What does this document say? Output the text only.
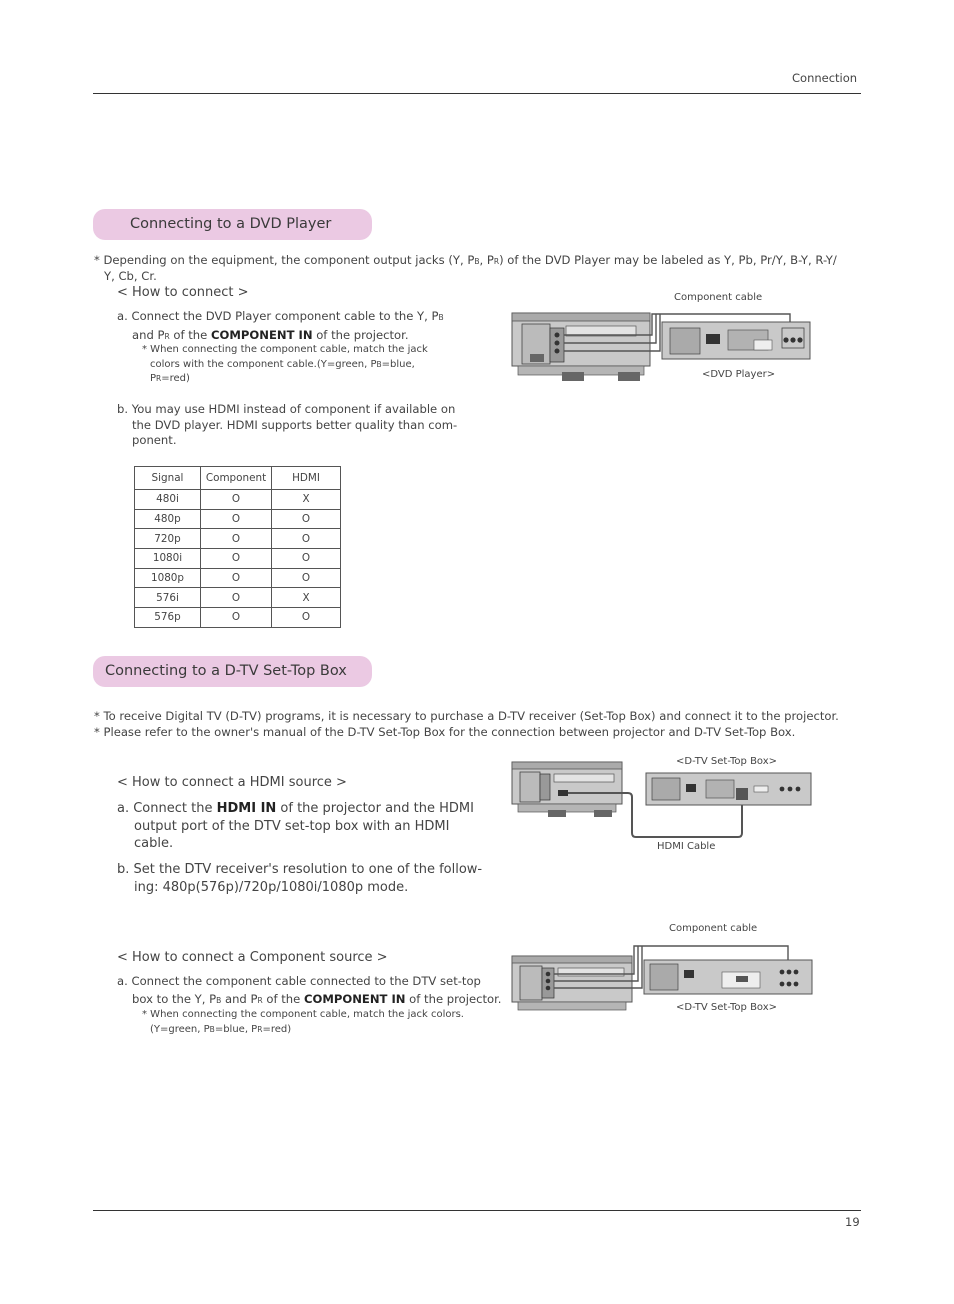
Connection
Connecting to a DVD Player
* Depending on the equipment, the component output jacks (Y, PB, PR) of the DVD Player may be labeled as Y, Pb, Pr/Y, B-Y, R-Y/
Y, Cb, Cr.
< How to connect >
a. Connect the DVD Player component cable to the Y, PB
and PR of the COMPONENT IN of the projector.
* When connecting the component cable, match the jack
colors with the component cable.(Y=green, PB=blue,
PR=red)
b. You may use HDMI instead of component if available on
the DVD player. HDMI supports better quality than com-
ponent.
Component cable
<DVD Player>
Signal	Component	HDMI
480i	O	X
480p	O	O
720p	O	O
1080i	O	O
1080p	O	O
576i	O	X
576p	O	O
Connecting to a D-TV Set-Top Box
* To receive Digital TV (D-TV) programs, it is necessary to purchase a D-TV receiver (Set-Top Box) and connect it to the projector.
* Please refer to the owner's manual of the D-TV Set-Top Box for the connection between projector and D-TV Set-Top Box.
< How to connect a HDMI source >
a. Connect the HDMI IN of the projector and the HDMI
output port of the DTV set-top box with an HDMI
cable.
b. Set the DTV receiver's resolution to one of the follow-
ing: 480p(576p)/720p/1080i/1080p mode.
<D-TV Set-Top Box>
HDMI Cable
< How to connect a Component source >
a. Connect the component cable connected to the DTV set-top
box to the Y, PB and PR of the COMPONENT IN of the projector.
* When connecting the component cable, match the jack colors.
(Y=green, PB=blue, PR=red)
Component cable
<D-TV Set-Top Box>
19
